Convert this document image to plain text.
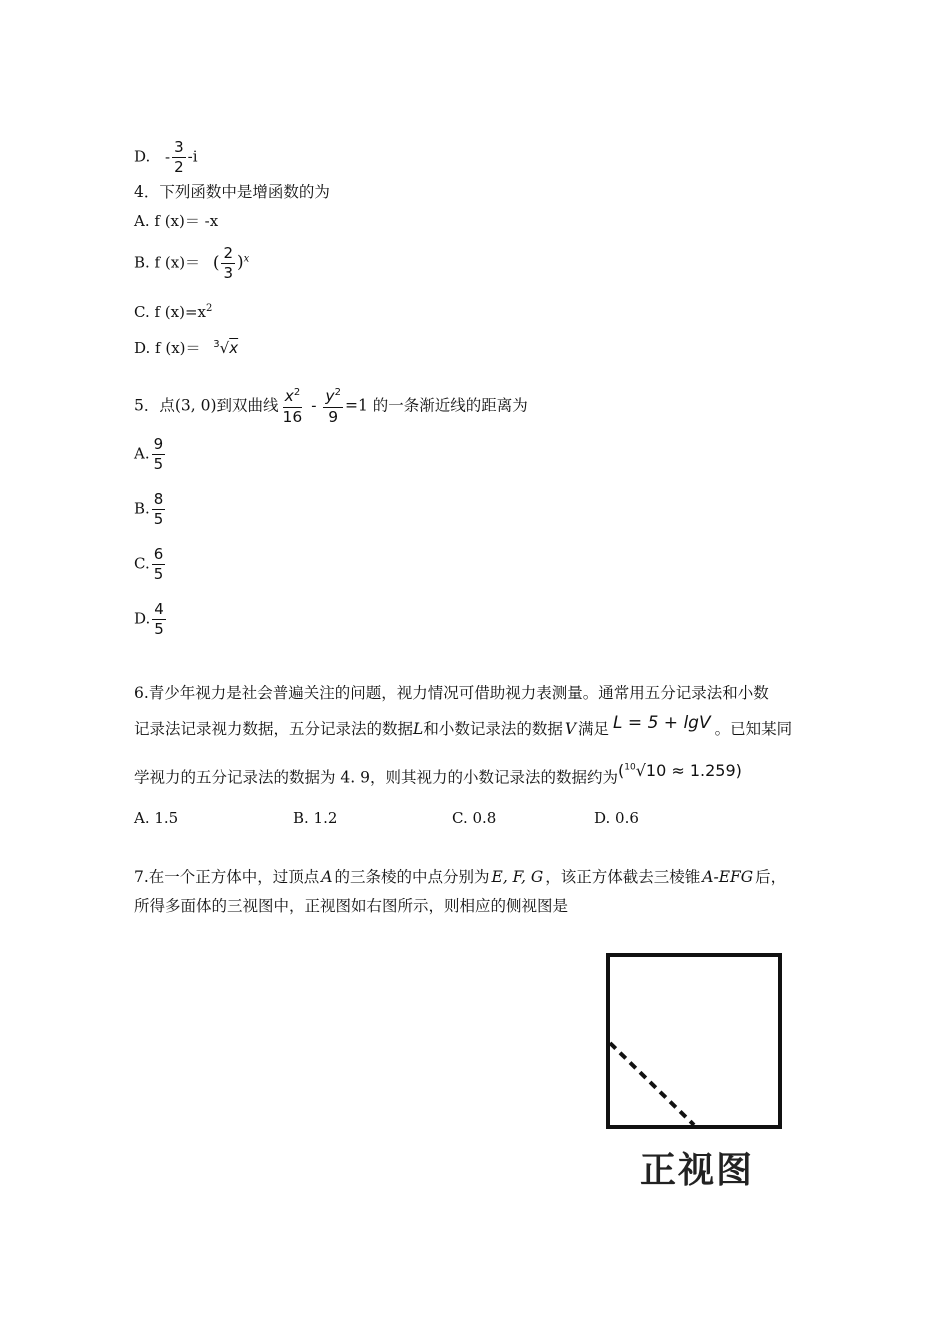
D. - $\frac{3}{2} -i$
4．下列函数中是增函数的为
A. f (x)＝ -x
B. f (x)＝ ( $\frac{2}{3} )^x$
C. f $(x)=x^2$
D. f (x)＝ $^3$√x
5．点(3, 0)到双曲线 $\frac{x^2}{16} - \frac{y^2}{9} =1$ 的一条渐近线的距离为
A. $\frac{9}{5}$
B. $\frac{8}{5}$
C. $\frac{6}{5}$
D. $\frac{4}{5}$
6.青少年视力是社会普遍关注的问题，视力情况可借助视力表测量。通常用五分记录法和小数
记录法记录视力数据，五分记录法的数据L和小数记录法的数据 V 满足 L = 5 + lgV 。已知某同
学视力的五分记录法的数据为 4. 9，则其视力的小数记录法的数据约为($^{10}$√10 ≈ 1.259)
A. 1.5	B. 1.2	C. 0.8	D. 0.6
7.在一个正方体中，过顶点 A 的三条棱的中点分别为 E, F, G ，该正方体截去三棱锥 A-EFG 后，
所得多面体的三视图中，正视图如右图所示，则相应的侧视图是
正视图
